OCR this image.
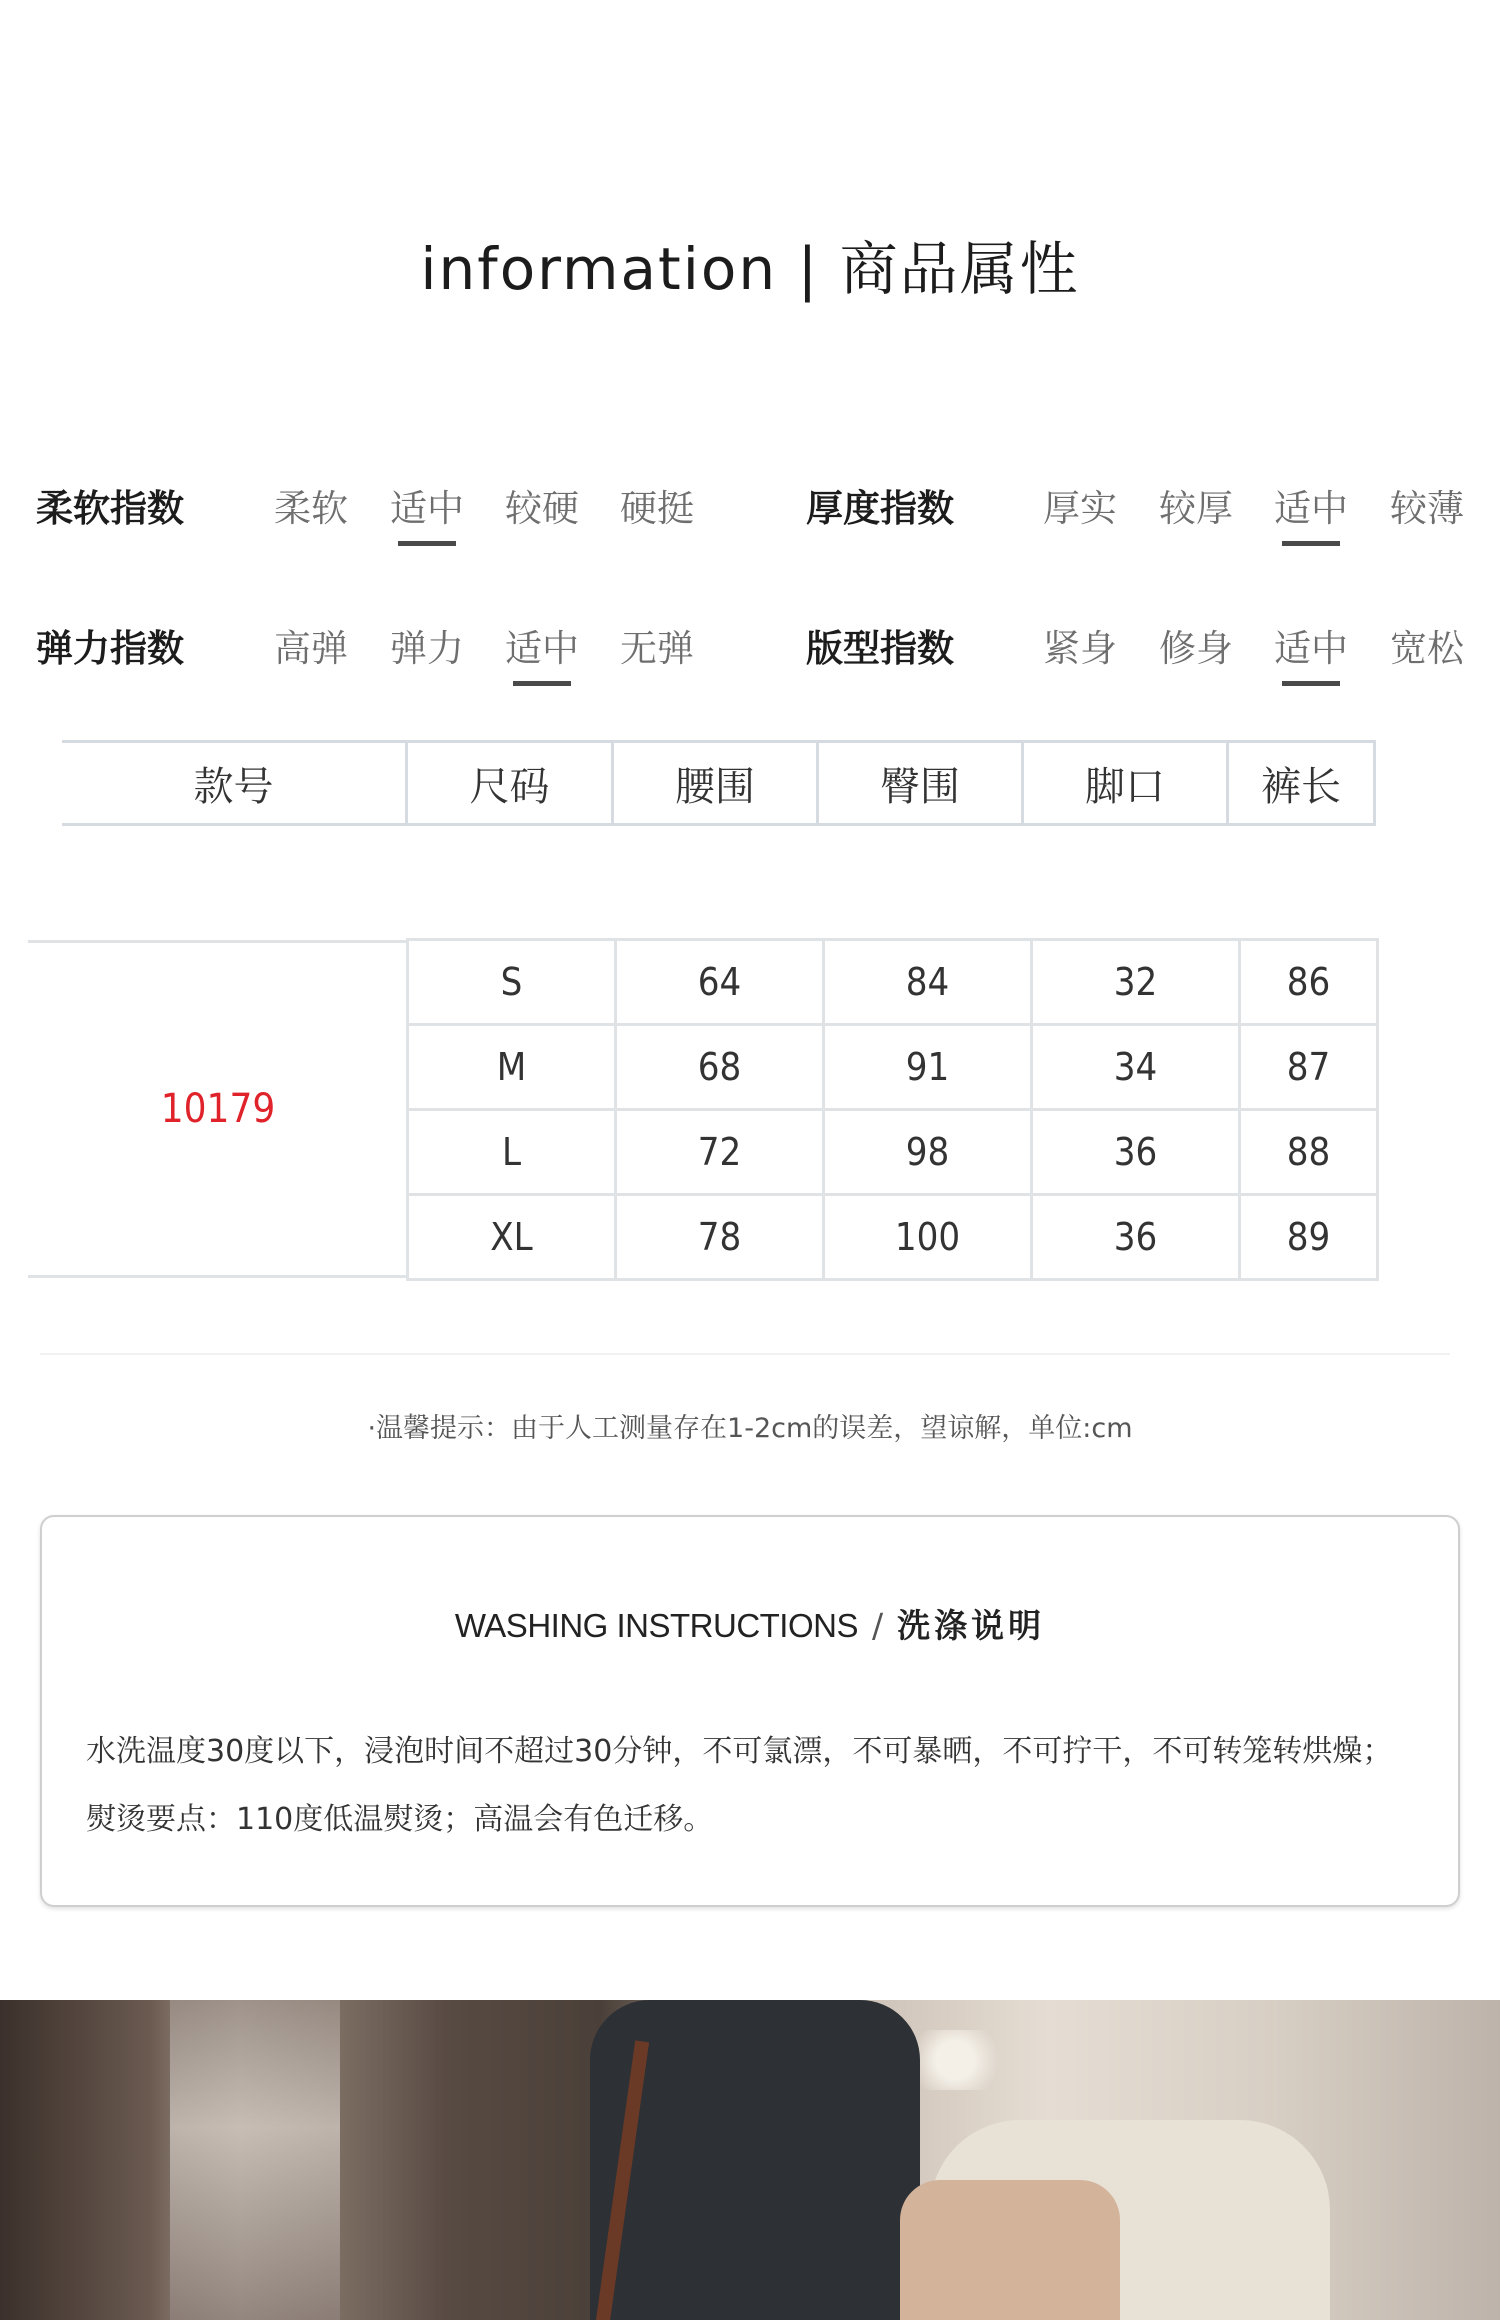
information | 商品属性
柔软指数 柔软 适中 较硬 硬挺	厚度指数 厚实 较厚 适中 较薄
弹力指数 高弹 弹力 适中 无弹	版型指数 紧身 修身 适中 宽松
款号	尺码	腰围	臀围	脚口	裤长
10179
S	64	84	32	86
M	68	91	34	87
L	72	98	36	88
XL	78	100	36	89
·温馨提示：由于人工测量存在1-2cm的误差，望谅解，单位:cm
WASHING INSTRUCTIONS / 洗涤说明
水洗温度30度以下，浸泡时间不超过30分钟，不可氯漂，不可暴晒，不可拧干，不可转笼转烘燥；
熨烫要点：110度低温熨烫；高温会有色迁移。
